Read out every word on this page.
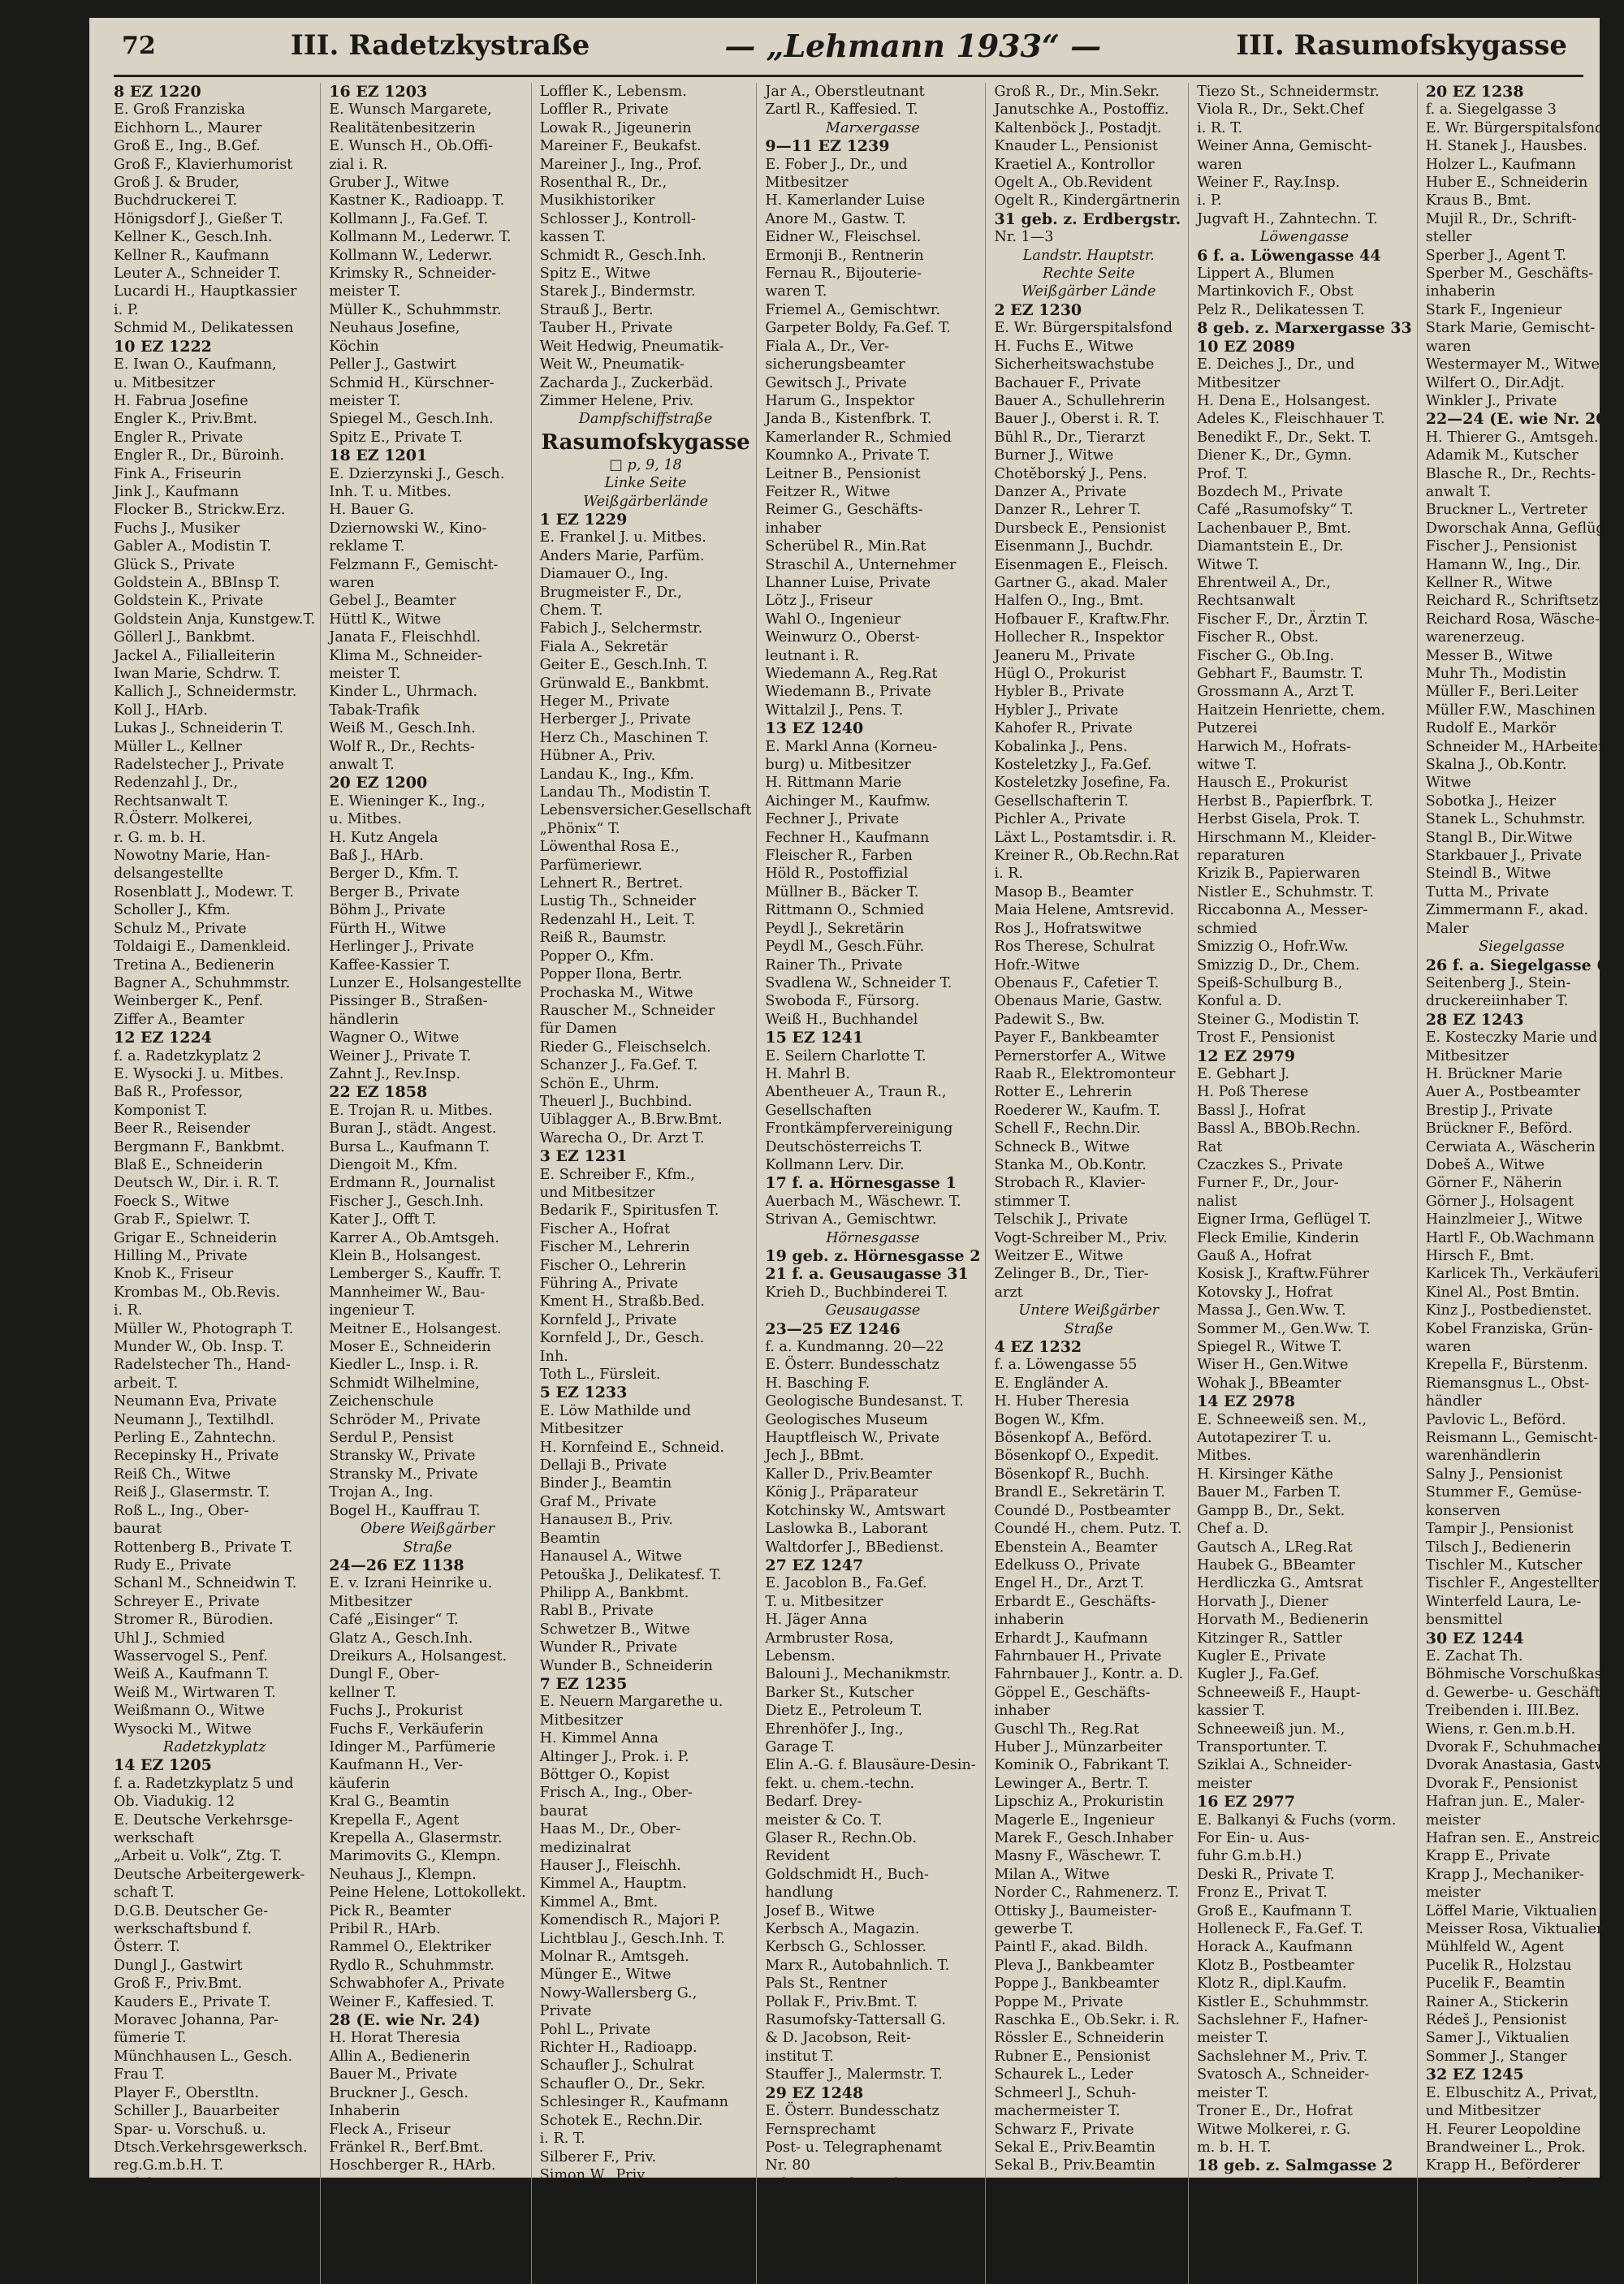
72	III. Radetzkystraße	— „Lehmann 1933“ —	III. Rasumofskygasse
8 EZ 1220
E. Groß Franziska
Eichhorn L., Maurer
Groß E., Ing., B.Gef.
Groß F., Klavierhumorist
Groß J. & Bruder,
Buchdruckerei T.
Hönigsdorf J., Gießer T.
Kellner K., Gesch.Inh.
Kellner R., Kaufmann
Leuter A., Schneider T.
Lucardi H., Hauptkassier
i. P.
Schmid M., Delikatessen
10 EZ 1222
E. Iwan O., Kaufmann,
u. Mitbesitzer
H. Fabrua Josefine
Engler K., Priv.Bmt.
Engler R., Private
Engler R., Dr., Büroinh.
Fink A., Friseurin
Jink J., Kaufmann
Flocker B., Strickw.Erz.
Fuchs J., Musiker
Gabler A., Modistin T.
Glück S., Private
Goldstein A., BBInsp T.
Goldstein K., Private
Goldstein Anja, Kunstgew.T.
Göllerl J., Bankbmt.
Jackel A., Filialleiterin
Iwan Marie, Schdrw. T.
Kallich J., Schneidermstr.
Koll J., HArb.
Lukas J., Schneiderin T.
Müller L., Kellner
Radelstecher J., Private
Redenzahl J., Dr.,
Rechtsanwalt T.
R.Österr. Molkerei,
r. G. m. b. H.
Nowotny Marie, Han-
delsangestellte
Rosenblatt J., Modewr. T.
Scholler J., Kfm.
Schulz M., Private
Toldaigi E., Damenkleid.
Tretina A., Bedienerin
Bagner A., Schuhmmstr.
Weinberger K., Penf.
Ziffer A., Beamter
12 EZ 1224
f. a. Radetzkyplatz 2
E. Wysocki J. u. Mitbes.
Baß R., Professor,
Komponist T.
Beer R., Reisender
Bergmann F., Bankbmt.
Blaß E., Schneiderin
Deutsch W., Dir. i. R. T.
Foeck S., Witwe
Grab F., Spielwr. T.
Grigar E., Schneiderin
Hilling M., Private
Knob K., Friseur
Krombas M., Ob.Revis.
i. R.
Müller W., Photograph T.
Munder W., Ob. Insp. T.
Radelstecher Th., Hand-
arbeit. T.
Neumann Eva, Private
Neumann J., Textilhdl.
Perling E., Zahntechn.
Recepinsky H., Private
Reiß Ch., Witwe
Reiß J., Glasermstr. T.
Roß L., Ing., Ober-
baurat
Rottenberg B., Private T.
Rudy E., Private
Schanl M., Schneidwin T.
Schreyer E., Private
Stromer R., Bürodien.
Uhl J., Schmied
Wasservogel S., Penf.
Weiß A., Kaufmann T.
Weiß M., Wirtwaren T.
Weißmann O., Witwe
Wysocki M., Witwe
Radetzkyplatz
14 EZ 1205
f. a. Radetzkyplatz 5 und
Ob. Viadukig. 12
E. Deutsche Verkehrsge-
werkschaft
„Arbeit u. Volk“, Ztg. T.
Deutsche Arbeitergewerk-
schaft T.
D.G.B. Deutscher Ge-
werkschaftsbund f.
Österr. T.
Dungl J., Gastwirt
Groß F., Priv.Bmt.
Kauders E., Private T.
Moraveс Johanna, Par-
fümerie T.
Münchhausen L., Gesch.
Frau T.
Player F., Oberstltn.
Schiller J., Bauarbeiter
Spar- u. Vorschuß. u.
Dtsch.Verkehrsgewerksch.
reg.G.m.b.H. T.
Welzl R., Gastwirt
16 EZ 1203
E. Wunsch Margarete,
Realitätenbesitzerin
E. Wunsch H., Ob.Offi-
zial i. R.
Gruber J., Witwe
Kastner K., Radioapp. T.
Kollmann J., Fa.Gef. T.
Kollmann M., Lederwr. T.
Kollmann W., Lederwr.
Krimsky R., Schneider-
meister T.
Müller K., Schuhmmstr.
Neuhaus Josefine,
Köchin
Peller J., Gastwirt
Schmid H., Kürschner-
meister T.
Spiegel M., Gesch.Inh.
Spitz E., Private T.
18 EZ 1201
E. Dzierzynski J., Gesch.
Inh. T. u. Mitbes.
H. Bauer G.
Dziernowski W., Kino-
reklame T.
Felzmann F., Gemischt-
waren
Gebel J., Beamter
Hüttl K., Witwe
Janata F., Fleischhdl.
Klima M., Schneider-
meister T.
Kinder L., Uhrmach.
Tabak-Trafik
Weiß M., Gesch.Inh.
Wolf R., Dr., Rechts-
anwalt T.
20 EZ 1200
E. Wieninger K., Ing.,
u. Mitbes.
H. Kutz Angela
Baß J., HArb.
Berger D., Kfm. T.
Berger B., Private
Böhm J., Private
Fürth H., Witwe
Herlinger J., Private
Kaffee-Kassier T.
Lunzer E., Holsangestellte
Pissinger B., Straßen-
händlerin
Wagner O., Witwe
Weiner J., Private T.
Zahnt J., Rev.Insp.
22 EZ 1858
E. Trojan R. u. Mitbes.
Buran J., städt. Angest.
Bursa L., Kaufmann T.
Diengoit M., Kfm.
Erdmann R., Journalist
Fischer J., Gesch.Inh.
Kater J., Offt T.
Karrer A., Ob.Amtsgeh.
Klein B., Holsangest.
Lemberger S., Kauffr. T.
Mannheimer W., Bau-
ingenieur T.
Meitner E., Holsangest.
Moser E., Schneiderin
Kiedler L., Insp. i. R.
Schmidt Wilhelmine,
Zeichenschule
Schröder M., Private
Serdul P., Pensist
Stransky W., Private
Stransky M., Private
Trojan A., Ing.
Bogel H., Kauffrau T.
Obere Weißgärber
Straße
24—26 EZ 1138
E. v. Izrani Heinrike u.
Mitbesitzer
Café „Eisinger“ T.
Glatz A., Gesch.Inh.
Dreikurs A., Holsangest.
Dungl F., Ober-
kellner T.
Fuchs J., Prokurist
Fuchs F., Verkäuferin
Idinger M., Parfümerie
Kaufmann H., Ver-
käuferin
Kral G., Beamtin
Krepella F., Agent
Krepella A., Glasermstr.
Marimovits G., Klempn.
Neuhaus J., Klempn.
Peine Helene, Lottokollekt.
Pick R., Beamter
Pribil R., HArb.
Rammel O., Elektriker
Rydlo R., Schuhmmstr.
Schwabhofer A., Private
Weiner F., Kaffesied. T.
28 (E. wie Nr. 24)
H. Horat Theresia
Allin A., Bedienerin
Bauer M., Private
Bruckner J., Gesch.
Inhaberin
Fleck A., Friseur
Fränkel R., Berf.Bmt.
Hoschberger R., HArb.
Kerp J., Disponent
Kirschinger E., Private
Konicky W., Private
Rudolf A., Tanzmstr.
Loffler K., Lebensm.
Loffler R., Private
Lowak R., Jigeunerin
Mareiner F., Beukafst.
Mareiner J., Ing., Prof.
Rosenthal R., Dr.,
Musikhistoriker
Schlosser J., Kontroll-
kassen T.
Schmidt R., Gesch.Inh.
Spitz E., Witwe
Starek J., Bindermstr.
Strauß J., Bertr.
Tauber H., Private
Weit Hedwig, Pneumatik-
Weit W., Pneumatik-
Zacharda J., Zuckerbäd.
Zimmer Helene, Priv.
Dampfschiffstraße
Rasumofskygasse
□ p, 9, 18
Linke Seite
Weißgärberlände
1 EZ 1229
E. Frankel J. u. Mitbes.
Anders Marie, Parfüm.
Diamauer O., Ing.
Brugmeister F., Dr.,
Chem. T.
Fabich J., Selchermstr.
Fiala A., Sekretär
Geiter E., Gesch.Inh. T.
Grünwald E., Bankbmt.
Heger M., Private
Herberger J., Private
Herz Ch., Maschinen T.
Hübner A., Priv.
Landau K., Ing., Kfm.
Landau Th., Modistin T.
Lebensversicher.Gesellschaft
„Phönix“ T.
Löwenthal Rosa E.,
Parfümeriewr.
Lehnert R., Bertret.
Lustig Th., Schneider
Redenzahl H., Leit. T.
Reiß R., Baumstr.
Popper O., Kfm.
Popper Ilona, Bertr.
Prochaska M., Witwe
Rauscher M., Schneider
für Damen
Rieder G., Fleischselch.
Schanzer J., Fa.Gef. T.
Schön E., Uhrm.
Theuerl J., Buchbind.
Uiblagger A., B.Brw.Bmt.
Warecha O., Dr. Arzt T.
3 EZ 1231
E. Schreiber F., Kfm.,
und Mitbesitzer
Bedarik F., Spiritusfen T.
Fischer A., Hofrat
Fischer M., Lehrerin
Fischer O., Lehrerin
Führing A., Private
Kment H., Straßb.Bed.
Kornfeld J., Private
Kornfeld J., Dr., Gesch.
Inh.
Toth L., Fürsleit.
5 EZ 1233
E. Löw Mathilde und
Mitbesitzer
H. Kornfeind E., Schneid.
Dellaji B., Private
Binder J., Beamtin
Graf M., Private
Hanauseл B., Priv.
Beamtin
Hanausel A., Witwe
Petouška J., Delikatesf. T.
Philipp A., Bankbmt.
Rabl B., Private
Schwetzer B., Witwe
Wunder R., Private
Wunder B., Schneiderin
7 EZ 1235
E. Neuern Margarethe u.
Mitbesitzer
H. Kimmel Anna
Altinger J., Prok. i. P.
Böttger O., Kopist
Frisch A., Ing., Ober-
baurat
Haas M., Dr., Ober-
medizinalrat
Hauser J., Fleischh.
Kimmel A., Hauptm.
Kimmel A., Bmt.
Komendisch R., Majori P.
Lichtblau J., Gesch.Inh. T.
Molnar R., Amtsgeh.
Münger E., Witwe
Nowy-Wallersberg G.,
Private
Pohl L., Private
Richter H., Radioapp.
Schaufler J., Schulrat
Schaufler O., Dr., Sekr.
Schlesinger R., Kaufmann
Schotek E., Rechn.Dir.
i. R. T.
Silberer F., Priv.
Simon W., Priv.
Städler H., Friseurin
Jar A., Oberstleutnant
Zartl R., Kaffesied. T.
Marxergasse
9—11 EZ 1239
E. Fober J., Dr., und
Mitbesitzer
H. Kamerlander Luise
Anore M., Gastw. T.
Eidner W., Fleischsel.
Ermonji B., Rentnerin
Fernau R., Bijouterie-
waren T.
Friemel A., Gemischtwr.
Garpeter Boldy, Fa.Gef. T.
Fiala A., Dr., Ver-
sicherungsbeamter
Gewitsch J., Private
Harum G., Inspektor
Janda B., Kistenfbrk. T.
Kamerlander R., Schmied
Koumnko A., Private T.
Leitner B., Pensionist
Feitzer R., Witwe
Reimer G., Geschäfts-
inhaber
Scherübel R., Min.Rat
Straschil A., Unternehmer
Lhanner Luise, Private
Lötz J., Friseur
Wahl O., Ingenieur
Weinwurz O., Oberst-
leutnant i. R.
Wiedemann A., Reg.Rat
Wiedemann B., Private
Wittalzil J., Pens. T.
13 EZ 1240
E. Markl Anna (Korneu-
burg) u. Mitbesitzer
H. Rittmann Marie
Aichinger M., Kaufmw.
Fechner J., Private
Fechner H., Kaufmann
Fleischer R., Farben
Höld R., Postoffizial
Müllner B., Bäcker T.
Rittmann O., Schmied
Peydl J., Sekretärin
Peydl M., Gesch.Führ.
Rainer Th., Private
Svadlena W., Schneider T.
Swoboda F., Fürsorg.
Weiß H., Buchhandel
15 EZ 1241
E. Seilern Charlotte T.
H. Mahrl B.
Abentheuer A., Traun R.,
Gesellschaften
Frontkämpfervereinigung
Deutschösterreichs T.
Kollmann Lerv. Dir.
17 f. a. Hörnesgasse 1
Auerbach M., Wäschewr. T.
Strivan A., Gemischtwr.
Hörnesgasse
19 geb. z. Hörnesgasse 2
21 f. a. Geusaugasse 31
Krieh D., Buchbinderei T.
Geusaugasse
23—25 EZ 1246
f. a. Kundmanng. 20—22
E. Österr. Bundesschatz
H. Basching F.
Geologische Bundesanst. T.
Geologisches Museum
Hauptfleisch W., Private
Jech J., BBmt.
Kaller D., Priv.Beamter
König J., Präparateur
Kotchinsky W., Amtswart
Laslowka B., Laborant
Waltdorfer J., BBedienst.
27 EZ 1247
E. Jacoblon B., Fa.Gef.
T. u. Mitbesitzer
H. Jäger Anna
Armbruster Rosa,
Lebensm.
Balouni J., Mechanikmstr.
Barker St., Kutscher
Dietz E., Petroleum T.
Ehrenhöfer J., Ing.,
Garage T.
Elin A.-G. f. Blausäure-Desin-
fekt. u. chem.-techn.
Bedarf. Drey-
meister & Co. T.
Glaser R., Rechn.Ob.
Revident
Goldschmidt H., Buch-
handlung
Josef B., Witwe
Kerbsch A., Magazin.
Kerbsch G., Schlosser.
Marx R., Autobahnlich. T.
Pals St., Rentner
Pollak F., Priv.Bmt. T.
Rasumofsky-Tattersall G.
& D. Jacobson, Reit-
institut T.
Stauffer J., Malermstr. T.
29 EZ 1248
E. Österr. Bundesschatz
Fernsprechamt
Post- u. Telegraphenamt
Nr. 80
Telegr.-Direktion f. Wien
Groß R., Dr., Min.Sekr.
Janutschke A., Postoffiz.
Kaltenböck J., Postadjt.
Knauder L., Pensionist
Kraetiel A., Kontrollor
Ogelt A., Ob.Revident
Ogelt R., Kindergärtnerin
31 geb. z. Erdbergstr.
Nr. 1—3
Landstr. Hauptstr.
Rechte Seite
Weißgärber Lände
2 EZ 1230
E. Wr. Bürgerspitalsfond
H. Fuchs E., Witwe
Sicherheitswachstube
Bachauer F., Private
Bauer A., Schullehrerin
Bauer J., Oberst i. R. T.
Bühl R., Dr., Tierarzt
Burner J., Witwe
Chotěborský J., Pens.
Danzer A., Private
Danzer R., Lehrer T.
Dursbeck E., Pensionist
Eisenmann J., Buchdr.
Eisenmagen E., Fleisch.
Gartner G., akad. Maler
Halfen O., Ing., Bmt.
Hofbauer F., Kraftw.Fhr.
Hollecher R., Inspektor
Jeaneru M., Private
Hügl O., Prokurist
Hybler B., Private
Hybler J., Private
Kahofer R., Private
Kobalinka J., Pens.
Kosteletzky J., Fa.Gef.
Kosteletzky Josefine, Fa.
Gesellschafterin T.
Pichler A., Private
Läxt L., Postamtsdir. i. R.
Kreiner R., Ob.Rechn.Rat
i. R.
Masop B., Beamter
Maia Helene, Amtsrevid.
Ros J., Hofratswitwe
Ros Therese, Schulrat
Hofr.-Witwe
Obenaus F., Cafetier T.
Obenaus Marie, Gastw.
Padewit S., Bw.
Payer F., Bankbeamter
Pernerstorfer A., Witwe
Raab R., Elektromonteur
Rotter E., Lehrerin
Roederer W., Kaufm. T.
Schell F., Rechn.Dir.
Schneck B., Witwe
Stanka M., Ob.Kontr.
Strobach R., Klavier-
stimmer T.
Telschik J., Private
Vogt-Schreiber M., Priv.
Weitzer E., Witwe
Zelinger B., Dr., Tier-
arzt
Untere Weißgärber
Straße
4 EZ 1232
f. a. Löwengasse 55
E. Engländer A.
H. Huber Theresia
Bogen W., Kfm.
Bösenkopf A., Beförd.
Bösenkopf O., Expedit.
Bösenkopf R., Buchh.
Brandl E., Sekretärin T.
Coundé D., Postbeamter
Coundé H., chem. Putz. T.
Ebenstein A., Beamter
Edelkuss O., Private
Engel H., Dr., Arzt T.
Erbardt E., Geschäfts-
inhaberin
Erhardt J., Kaufmann
Fahrnbauer H., Private
Fahrnbauer J., Kontr. a. D.
Göppel E., Geschäfts-
inhaber
Guschl Th., Reg.Rat
Huber J., Münzarbeiter
Kominik O., Fabrikant T.
Lewinger A., Bertr. T.
Lipschiz A., Prokuristin
Magerle E., Ingenieur
Marek F., Gesch.Inhaber
Masny F., Wäschewr. T.
Milan A., Witwe
Norder C., Rahmenerz. T.
Ottisky J., Baumeister-
gewerbe T.
Paintl F., akad. Bildh.
Pleva J., Bankbeamter
Poppe J., Bankbeamter
Poppe M., Private
Raschka E., Ob.Sekr. i. R.
Rössler E., Schneiderin
Rubner E., Pensionist
Schaurek L., Leder
Schmeerl J., Schuh-
machermeister T.
Schwarz F., Private
Sekal E., Priv.Beamtin
Sekal B., Priv.Beamtin
Sturm L., Private
Tabak-Trafik
Ternoczy B., Private
Tiezo St., Schneidermstr.
Viola R., Dr., Sekt.Chef
i. R. T.
Weiner Anna, Gemischt-
waren
Weiner F., Ray.Insp.
i. P.
Jugvaft H., Zahntechn. T.
Löwengasse
6 f. a. Löwengasse 44
Lippert A., Blumen
Martinkovich F., Obst
Pelz R., Delikatessen T.
8 geb. z. Marxergasse 33
10 EZ 2089
E. Deiches J., Dr., und
Mitbesitzer
H. Dena E., Holsangest.
Adeles K., Fleischhauer T.
Benedikt F., Dr., Sekt. T.
Diener K., Dr., Gymn.
Prof. T.
Bozdech M., Private
Café „Rasumofsky“ T.
Lachenbauer P., Bmt.
Diamantstein E., Dr.
Witwe T.
Ehrentweil A., Dr.,
Rechtsanwalt
Fischer F., Dr., Ärztin T.
Fischer R., Obst.
Fischer G., Ob.Ing.
Gebhart F., Baumstr. T.
Grossmann A., Arzt T.
Haitzein Henriette, chem.
Putzerei
Harwich M., Hofrats-
witwe T.
Hausch E., Prokurist
Herbst B., Papierfbrk. T.
Herbst Gisela, Prok. T.
Hirschmann M., Kleider-
reparaturen
Krizik B., Papierwaren
Nistler E., Schuhmstr. T.
Riccabonna A., Messer-
schmied
Smizzig O., Hofr.Ww.
Smizzig D., Dr., Chem.
Speiß-Schulburg B.,
Konful a. D.
Steiner G., Modistin T.
Trost F., Pensionist
12 EZ 2979
E. Gebhart J.
H. Poß Therese
Bassl J., Hofrat
Bassl A., BBOb.Rechn.
Rat
Czaczkes S., Private
Furner F., Dr., Jour-
nalist
Eigner Irma, Geflügel T.
Fleck Emilie, Kinderin
Gauß A., Hofrat
Kosisk J., Kraftw.Führer
Kotovsky J., Hofrat
Massa J., Gen.Ww. T.
Sommer M., Gen.Ww. T.
Spiegel R., Witwe T.
Wiser H., Gen.Witwe
Wohak J., BBeamter
14 EZ 2978
E. Schneeweiß sen. M.,
Autotapezirer T. u.
Mitbes.
H. Kirsinger Käthe
Bauer M., Farben T.
Gampp B., Dr., Sekt.
Chef a. D.
Gautsch A., LReg.Rat
Haubek G., BBeamter
Herdliczka G., Amtsrat
Horvath J., Diener
Horvath M., Bedienerin
Kitzinger R., Sattler
Kugler E., Private
Kugler J., Fa.Gef.
Schneeweiß F., Haupt-
kassier T.
Schneeweiß jun. M.,
Transportunter. T.
Sziklai A., Schneider-
meister
16 EZ 2977
E. Balkanyi & Fuchs (vorm.
For Ein- u. Aus-
fuhr G.m.b.H.)
Deski R., Private T.
Fronz E., Privat T.
Groß E., Kaufmann T.
Holleneck F., Fa.Gef. T.
Horack A., Kaufmann
Klotz B., Postbeamter
Klotz R., dipl.Kaufm.
Kistler E., Schuhmmstr.
Sachslehner F., Hafner-
meister T.
Sachslehner M., Priv. T.
Svatosch A., Schneider-
meister T.
Troner E., Dr., Hofrat
Witwe Molkerei, r. G.
m. b. H. T.
18 geb. z. Salmgasse 2
20 EZ 1238
f. a. Siegelgasse 3
E. Wr. Bürgerspitalsfond
H. Stanek J., Hausbes.
Holzer L., Kaufmann
Huber E., Schneiderin
Kraus B., Bmt.
Mujil R., Dr., Schrift-
steller
Sperber J., Agent T.
Sperber M., Geschäfts-
inhaberin
Stark F., Ingenieur
Stark Marie, Gemischt-
waren
Westermayer M., Witwe
Wilfert O., Dir.Adjt.
Winkler J., Private
22—24 (E. wie Nr. 20)
H. Thierer G., Amtsgeh.
Adamik M., Kutscher
Blasche R., Dr., Rechts-
anwalt T.
Bruckner L., Vertreter
Dworschak Anna, Geflüg.
Fischer J., Pensionist
Hamann W., Ing., Dir.
Kellner R., Witwe
Reichard R., Schriftsetzer
Reichard Rosa, Wäsche-
warenerzeug.
Messer B., Witwe
Muhr Th., Modistin
Müller F., Beri.Leiter
Müller F.W., Maschinen T.
Rudolf E., Markör
Schneider M., HArbeiter
Skalna J., Ob.Kontr.
Witwe
Sobotka J., Heizer
Stanek L., Schuhmstr.
Stangl B., Dir.Witwe
Starkbauer J., Private
Steindl B., Witwe
Tutta M., Private
Zimmermann F., akad.
Maler
Siegelgasse
26 f. a. Siegelgasse 6
Seitenberg J., Stein-
druckereiinhaber T.
28 EZ 1243
E. Kosteczky Marie und
Mitbesitzer
H. Brückner Marie
Auer A., Postbeamter
Brestip J., Private
Brückner F., Beförd.
Cerwiata A., Wäscherin
Dobeš A., Witwe
Görner F., Näherin
Görner J., Holsagent
Hainzlmeier J., Witwe
Hartl F., Ob.Wachmann
Hirsch F., Bmt.
Karlicek Th., Verkäuferin
Kinel Al., Post Bmtin.
Kinz J., Postbedienstet.
Kobel Franziska, Grün-
waren
Krepella F., Bürstenm.
Riemansgnus L., Obst-
händler
Pavlovic L., Beförd.
Reismann L., Gemischt-
warenhändlerin
Salny J., Pensionist
Stummer F., Gemüse-
konserven
Tampir J., Pensionist
Tilsch J., Bedienerin
Tischler M., Kutscher
Tischler F., Angestellter
Winterfeld Laura, Le-
bensmittel
30 EZ 1244
E. Zachat Th.
Böhmische Vorschußkasse
d. Gewerbe- u. Geschäfts-
Treibenden i. III.Bez.
Wiens, r. Gen.m.b.H.
Dvorak F., Schuhmacher
Dvorak Anastasia, Gastw.
Dvorak F., Pensionist
Hafran jun. E., Maler-
meister
Hafran sen. E., Anstreich.
Krapp E., Private
Krapp J., Mechaniker-
meister
Löffel Marie, Viktualien
Meisser Rosa, Viktualien
Mühlfeld W., Agent
Pucelik R., Holzstau
Pucelik F., Beamtin
Rainer A., Stickerin
Rédeš J., Pensionist
Samer J., Viktualien
Sommer J., Stanger
32 EZ 1245
E. Elbuschitz A., Privat,
und Mitbesitzer
H. Feurer Leopoldine
Brandweiner L., Prok.
Krapp H., Beförderer
Krapp F., Mechaniker-
meister T.
34 f. a. Landstraßer
Hauptstraße 49
Städt. Leichenbestattung
Landstr. Hauptstr. T.
